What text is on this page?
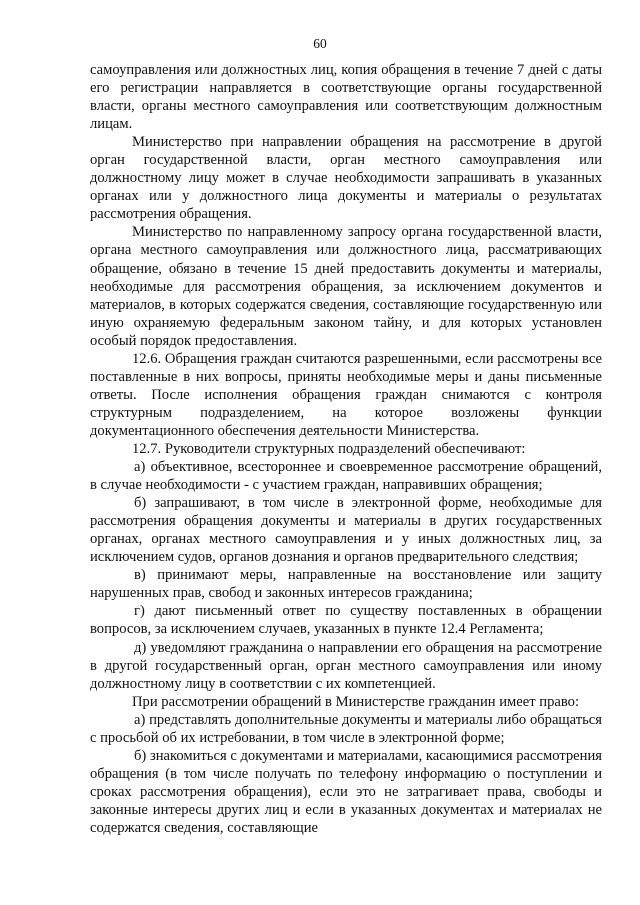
60

самоуправления или должностных лиц, копия обращения в течение 7 дней с даты его регистрации направляется в соответствующие органы государственной власти, органы местного самоуправления или соответствующим должностным лицам.

Министерство при направлении обращения на рассмотрение в другой орган государственной власти, орган местного самоуправления или должностному лицу может в случае необходимости запрашивать в указанных органах или у должностного лица документы и материалы о результатах рассмотрения обращения.

Министерство по направленному запросу органа государственной власти, органа местного самоуправления или должностного лица, рассматривающих обращение, обязано в течение 15 дней предоставить документы и материалы, необходимые для рассмотрения обращения, за исключением документов и материалов, в которых содержатся сведения, составляющие государственную или иную охраняемую федеральным законом тайну, и для которых установлен особый порядок предоставления.

12.6. Обращения граждан считаются разрешенными, если рассмотрены все поставленные в них вопросы, приняты необходимые меры и даны письменные ответы. После исполнения обращения граждан снимаются с контроля структурным подразделением, на которое возложены функции документационного обеспечения деятельности Министерства.

12.7. Руководители структурных подразделений обеспечивают:

а) объективное, всестороннее и своевременное рассмотрение обращений, в случае необходимости - с участием граждан, направивших обращения;

б) запрашивают, в том числе в электронной форме, необходимые для рассмотрения обращения документы и материалы в других государственных органах, органах местного самоуправления и у иных должностных лиц, за исключением судов, органов дознания и органов предварительного следствия;

в) принимают меры, направленные на восстановление или защиту нарушенных прав, свобод и законных интересов гражданина;

г) дают письменный ответ по существу поставленных в обращении вопросов, за исключением случаев, указанных в пункте 12.4 Регламента;

д) уведомляют гражданина о направлении его обращения на рассмотрение в другой государственный орган, орган местного самоуправления или иному должностному лицу в соответствии с их компетенцией.

При рассмотрении обращений в Министерстве гражданин имеет право:

а) представлять дополнительные документы и материалы либо обращаться с просьбой об их истребовании, в том числе в электронной форме;

б) знакомиться с документами и материалами, касающимися рассмотрения обращения (в том числе получать по телефону информацию о поступлении и сроках рассмотрения обращения), если это не затрагивает права, свободы и законные интересы других лиц и если в указанных документах и материалах не содержатся сведения, составляющие
